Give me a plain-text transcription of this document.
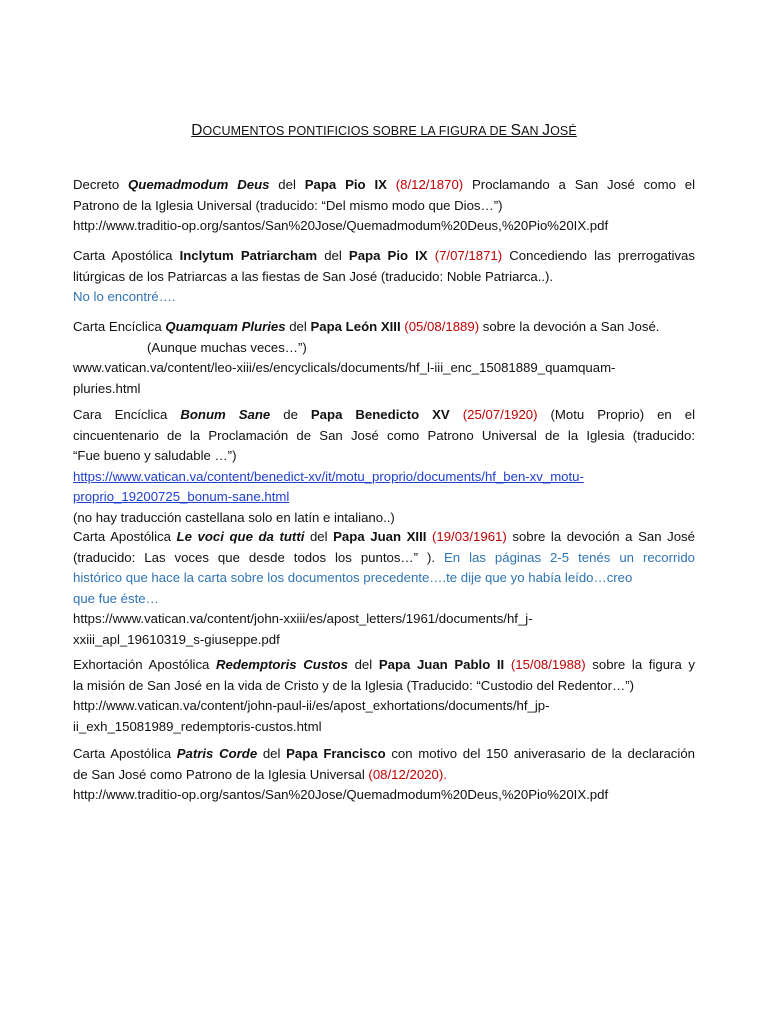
DOCUMENTOS PONTIFICIOS SOBRE LA FIGURA DE SAN JOSÉ
Decreto Quemadmodum Deus del Papa Pio IX (8/12/1870) Proclamando a San José como el
Patrono de la Iglesia Universal (traducido: “Del mismo modo que Dios…”)
http://www.traditio-op.org/santos/San%20Jose/Quemadmodum%20Deus,%20Pio%20IX.pdf
Carta Apostólica Inclytum Patriarcham del Papa Pio IX (7/07/1871) Concediendo las prerrogativas
litúrgicas de los Patriarcas a las fiestas de San José (traducido: Noble Patriarca..).
No lo encontré….
Carta Encíclica Quamquam Pluries del Papa León XIII (05/08/1889) sobre la devoción a San José.
(Aunque muchas veces…”)
www.vatican.va/content/leo-xiii/es/encyclicals/documents/hf_l-iii_enc_15081889_quamquam-
pluries.html
Cara Encíclica Bonum Sane de Papa Benedicto XV (25/07/1920) (Motu Proprio) en el
cincuentenario de la Proclamación de San José como Patrono Universal de la Iglesia (traducido:
“Fue bueno y saludable …”)
https://www.vatican.va/content/benedict-xv/it/motu_proprio/documents/hf_ben-xv_motu-
proprio_19200725_bonum-sane.html
(no hay traducción castellana solo en latín e intaliano..)
Carta Apostólica Le voci que da tutti del Papa Juan XIII (19/03/1961) sobre la devoción a San José
(traducido: Las voces que desde todos los puntos…” ). En las páginas 2-5 tenés un recorrido
histórico que hace la carta sobre los documentos precedente….te dije que yo había leído…creo
que fue éste…
https://www.vatican.va/content/john-xxiii/es/apost_letters/1961/documents/hf_j-
xxiii_apl_19610319_s-giuseppe.pdf
Exhortación Apostólica Redemptoris Custos del Papa Juan Pablo II (15/08/1988) sobre la figura y
la misión de San José en la vida de Cristo y de la Iglesia (Traducido: “Custodio del Redentor…”)
http://www.vatican.va/content/john-paul-ii/es/apost_exhortations/documents/hf_jp-
ii_exh_15081989_redemptoris-custos.html
Carta Apostólica Patris Corde del Papa Francisco con motivo del 150 aniverasario de la declaración
de San José como Patrono de la Iglesia Universal (08/12/2020).
http://www.traditio-op.org/santos/San%20Jose/Quemadmodum%20Deus,%20Pio%20IX.pdf
